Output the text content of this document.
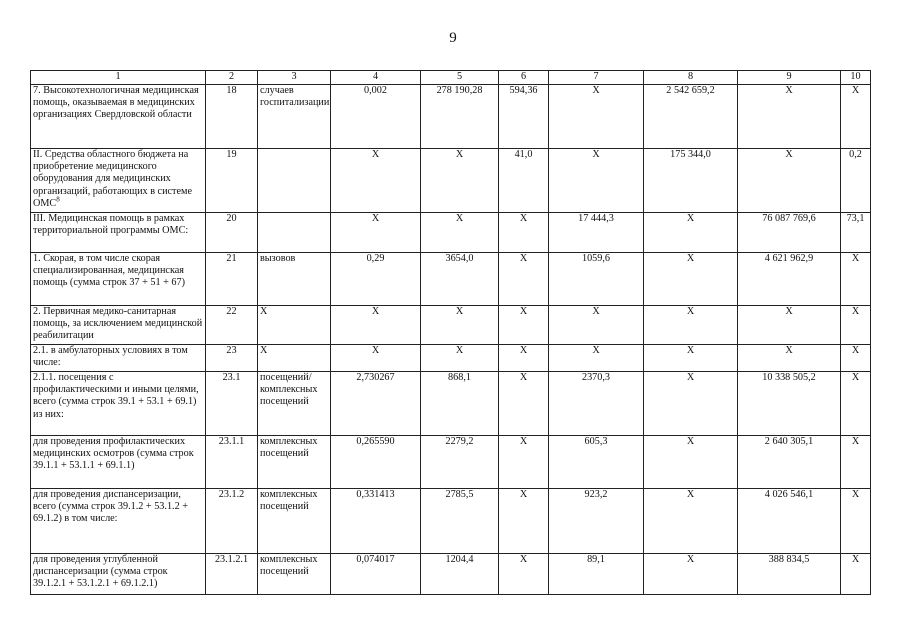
9
1	2	3	4	5	6	7	8	9	10
7. Высокотехнологичная медицинская помощь, оказываемая в медицинских организациях Свердловской области	18	случаев госпитализации	0,002	278 190,28	594,36	Х	2 542 659,2	Х	Х
II. Средства областного бюджета на приобретение медицинского оборудования для медицинских организаций, работающих в системе ОМС$^8$	19		Х	Х	41,0	Х	175 344,0	Х	0,2
III. Медицинская помощь в рамках территориальной программы ОМС:	20		Х	Х	Х	17 444,3	Х	76 087 769,6	73,1
1. Скорая, в том числе скорая специализированная, медицинская помощь (сумма строк 37 + 51 + 67)	21	вызовов	0,29	3654,0	Х	1059,6	Х	4 621 962,9	Х
2. Первичная медико-санитарная помощь, за исключением медицинской реабилитации	22	Х	Х	Х	Х	Х	Х	Х	Х
2.1. в амбулаторных условиях в том числе:	23	Х	Х	Х	Х	Х	Х	Х	Х
2.1.1. посещения с профилактическими и иными целями, всего (сумма строк 39.1 + 53.1 + 69.1) из них:	23.1	посещений/ комплексных посещений	2,730267	868,1	Х	2370,3	Х	10 338 505,2	Х
для проведения профилактических медицинских осмотров (сумма строк 39.1.1 + 53.1.1 + 69.1.1)	23.1.1	комплексных посещений	0,265590	2279,2	Х	605,3	Х	2 640 305,1	Х
для проведения диспансеризации, всего (сумма строк 39.1.2 + 53.1.2 + 69.1.2) в том числе:	23.1.2	комплексных посещений	0,331413	2785,5	Х	923,2	Х	4 026 546,1	Х
для проведения углубленной диспансеризации (сумма строк 39.1.2.1 + 53.1.2.1 + 69.1.2.1)	23.1.2.1	комплексных посещений	0,074017	1204,4	Х	89,1	Х	388 834,5	Х
